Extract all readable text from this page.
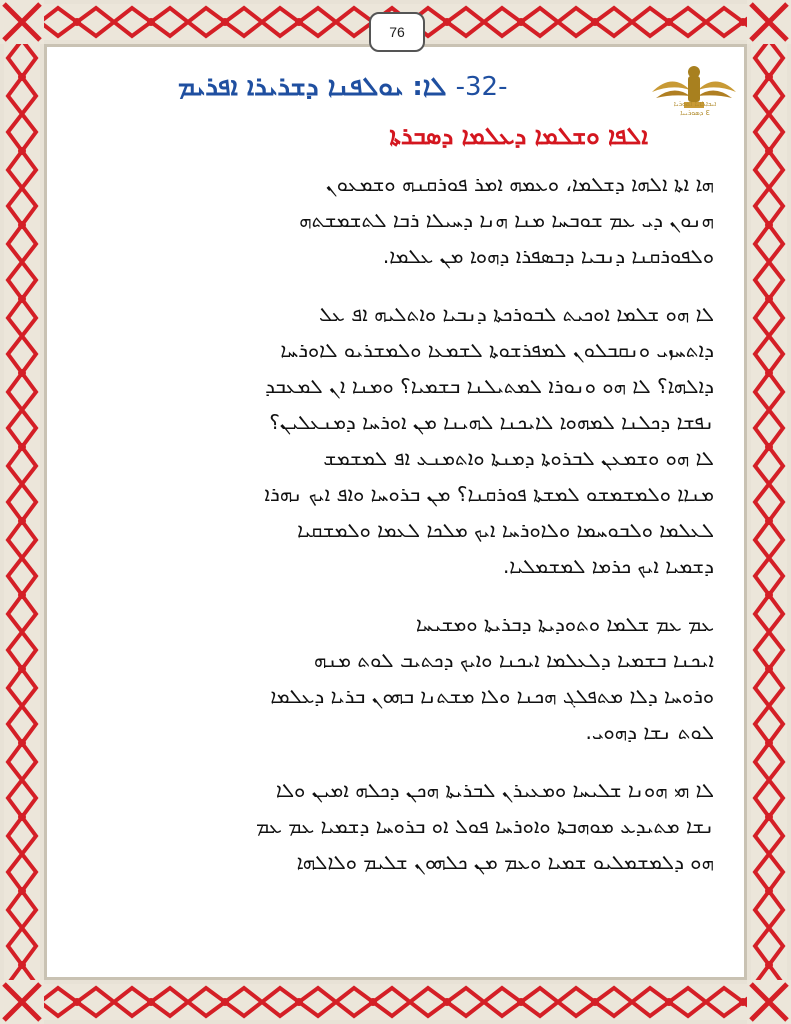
76
ܐܝܟܐܠܐܝܐ ܐܬܘܪܝܐ
Ɛ ܕܣܘܪܝܝܐ
-32- ܠܐ: ܝܘܠܦܢܐ ܕܫܪܝܪܐ ܐܦܪܝܡ
ܐܠܦܐ ܘܫܠܡܐ ܕܥܠܡܐ ܕܣܒܪܬܐ

ܗܐ ܐܬܐ ܐܠܗܐ ܕܫܠܡܐ، ܘܥܡܗ ܐܡܪ ܦܘܪܩܢܗ ܘܫܡܥܘܢ
ܗܢܘܢ ܕܝ ܥܡ ܫܘܒܚܐ ܡܢܐ ܗܢܐ ܕܚܝܠܐ ܪܒܐ ܠܬܫܡܫܬܗ
ܘܠܦܘܪܩܢܐ ܕܢܒܝܐ ܕܒܣܦܪܐ ܕܗܘܐ ܡܢ ܥܠܡܐ.

ܠܐ ܗܘ ܫܠܡܐ ܐܘܟܝܬ ܠܒܘܪܟܬܐ ܕܢܒܝܐ ܘܐܬܠܝܗ ܐܦ ܥܠ
ܕܐܬܚܙܝ ܘܢܩܒܠܘܢ ܠܡܦܪܫܘܬܐ ܠܫܡܥܐ ܘܠܡܫܪܝܘ ܠܐܘܪܚܐ
ܕܐܠܗܐ؟ ܠܐ ܗܘ ܘܢܘܪܐ ܠܡܬܝܠܢܐ ܒܫܡܝܐ؟ ܘܡܢܐ ܐܢ ܠܡܥܒܕ
ܢܦܫܐ ܕܟܠܢܐ ܠܡܗܘܐ ܠܐܝܟܢܐ ܠܗܝܢܐ ܡܢ ܐܘܪܚܐ ܕܡܢܥܠܝܢ؟
ܠܐ ܗܘ ܘܫܡܥܢ ܠܒܪܘܬܐ ܕܡܢܬܐ ܘܐܬܡܢܥ ܐܦ ܠܡܫܡܫ
ܡܢܐܐ ܘܠܡܫܡܫܘ ܠܡܫܬܐ ܦܘܪܩܢܐ؟ ܡܢ ܒܪܘܚܐ ܘܐܦ ܐܝܟ ܢܗܪܐ
ܠܥܠܡܐ ܘܠܒܘܚܡܐ ܘܠܐܘܪܚܐ ܐܝܟ ܡܠܟܐ ܠܥܡܐ ܘܠܡܫܩܝܐ
ܕܫܡܝܐ ܐܝܟ ܟܪܡܐ ܠܡܫܡܠܝܐ.

ܥܡ ܥܡ ܫܠܡܐ ܘܬܘܕܝܬܐ ܕܒܪܝܬܐ ܘܡܫܝܚܐ
ܐܝܟܢܐ ܒܫܡܝܐ ܕܠܥܠܡܐ ܐܝܟܢܐ ܘܐܝܟ ܕܟܬܝܒ ܠܘܬ ܡܢܗ
ܘܪܘܚܐ ܕܠܐ ܡܬܦܠܓ ܗܟܢܐ ܘܠܐ ܡܫܬܢܐ ܒܗܘܢ ܒܪܝܐ ܕܥܠܡܐ
ܠܘܬ ܢܫܐ ܕܗܘܝ.

ܠܐ ܗܝ ܗܘܢܐ ܫܠܝܚܐ ܘܡܥܝܪܢ ܠܒܪܝܬܐ ܗܟܢ ܕܟܠܗ ܐܡܝܢ ܘܠܐ
ܢܫܐ ܡܬܝܕܥ ܡܘܗܒܬܐ ܘܐܘܪܚܐ ܦܘܠ ܐܘ ܒܪܘܚܐ ܕܫܡܝܐ ܥܡ ܥܡ
ܗܘ ܕܠܡܫܡܠܝܘ ܫܡܝܐ ܘܥܡ ܡܢ ܟܠܗܘܢ ܫܠܝܡ ܘܠܐܠܗܐ
